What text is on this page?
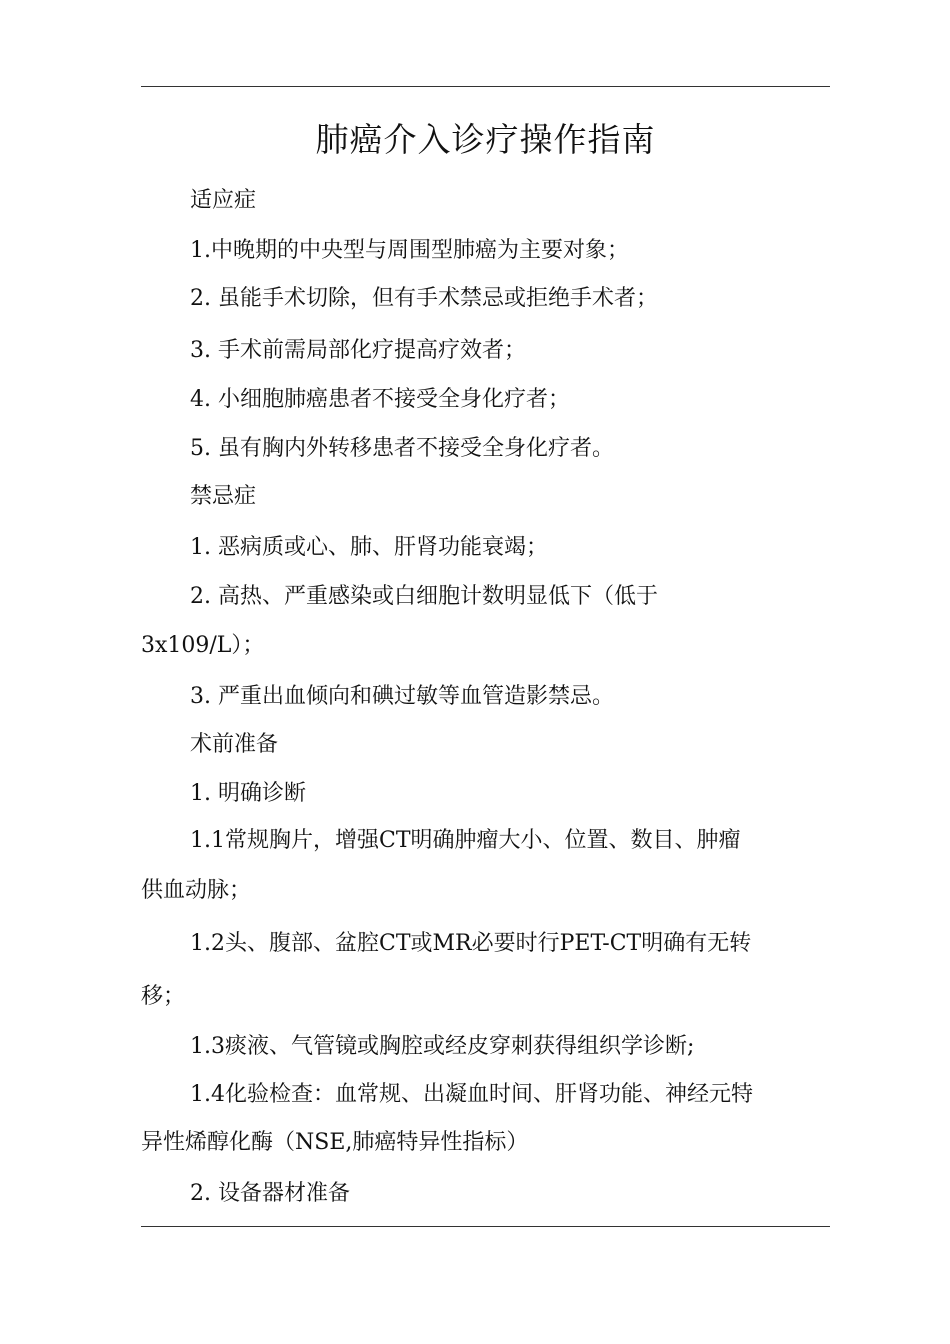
肺癌介入诊疗操作指南
适应症
1.中晚期的中央型与周围型肺癌为主要对象；
2. 虽能手术切除，但有手术禁忌或拒绝手术者；
3. 手术前需局部化疗提高疗效者；
4. 小细胞肺癌患者不接受全身化疗者；
5. 虽有胸内外转移患者不接受全身化疗者。
禁忌症
1. 恶病质或心、肺、肝肾功能衰竭；
2. 高热、严重感染或白细胞计数明显低下（低于
3x109/L）；
3. 严重出血倾向和碘过敏等血管造影禁忌。
术前准备
1. 明确诊断
1.1常规胸片，增强CT明确肿瘤大小、位置、数目、肿瘤
供血动脉；
1.2头、腹部、盆腔CT或MR必要时行PET-CT明确有无转
移；
1.3痰液、气管镜或胸腔或经皮穿刺获得组织学诊断;
1.4化验检查：血常规、出凝血时间、肝肾功能、神经元特
异性烯醇化酶（NSE,肺癌特异性指标）
2. 设备器材准备
